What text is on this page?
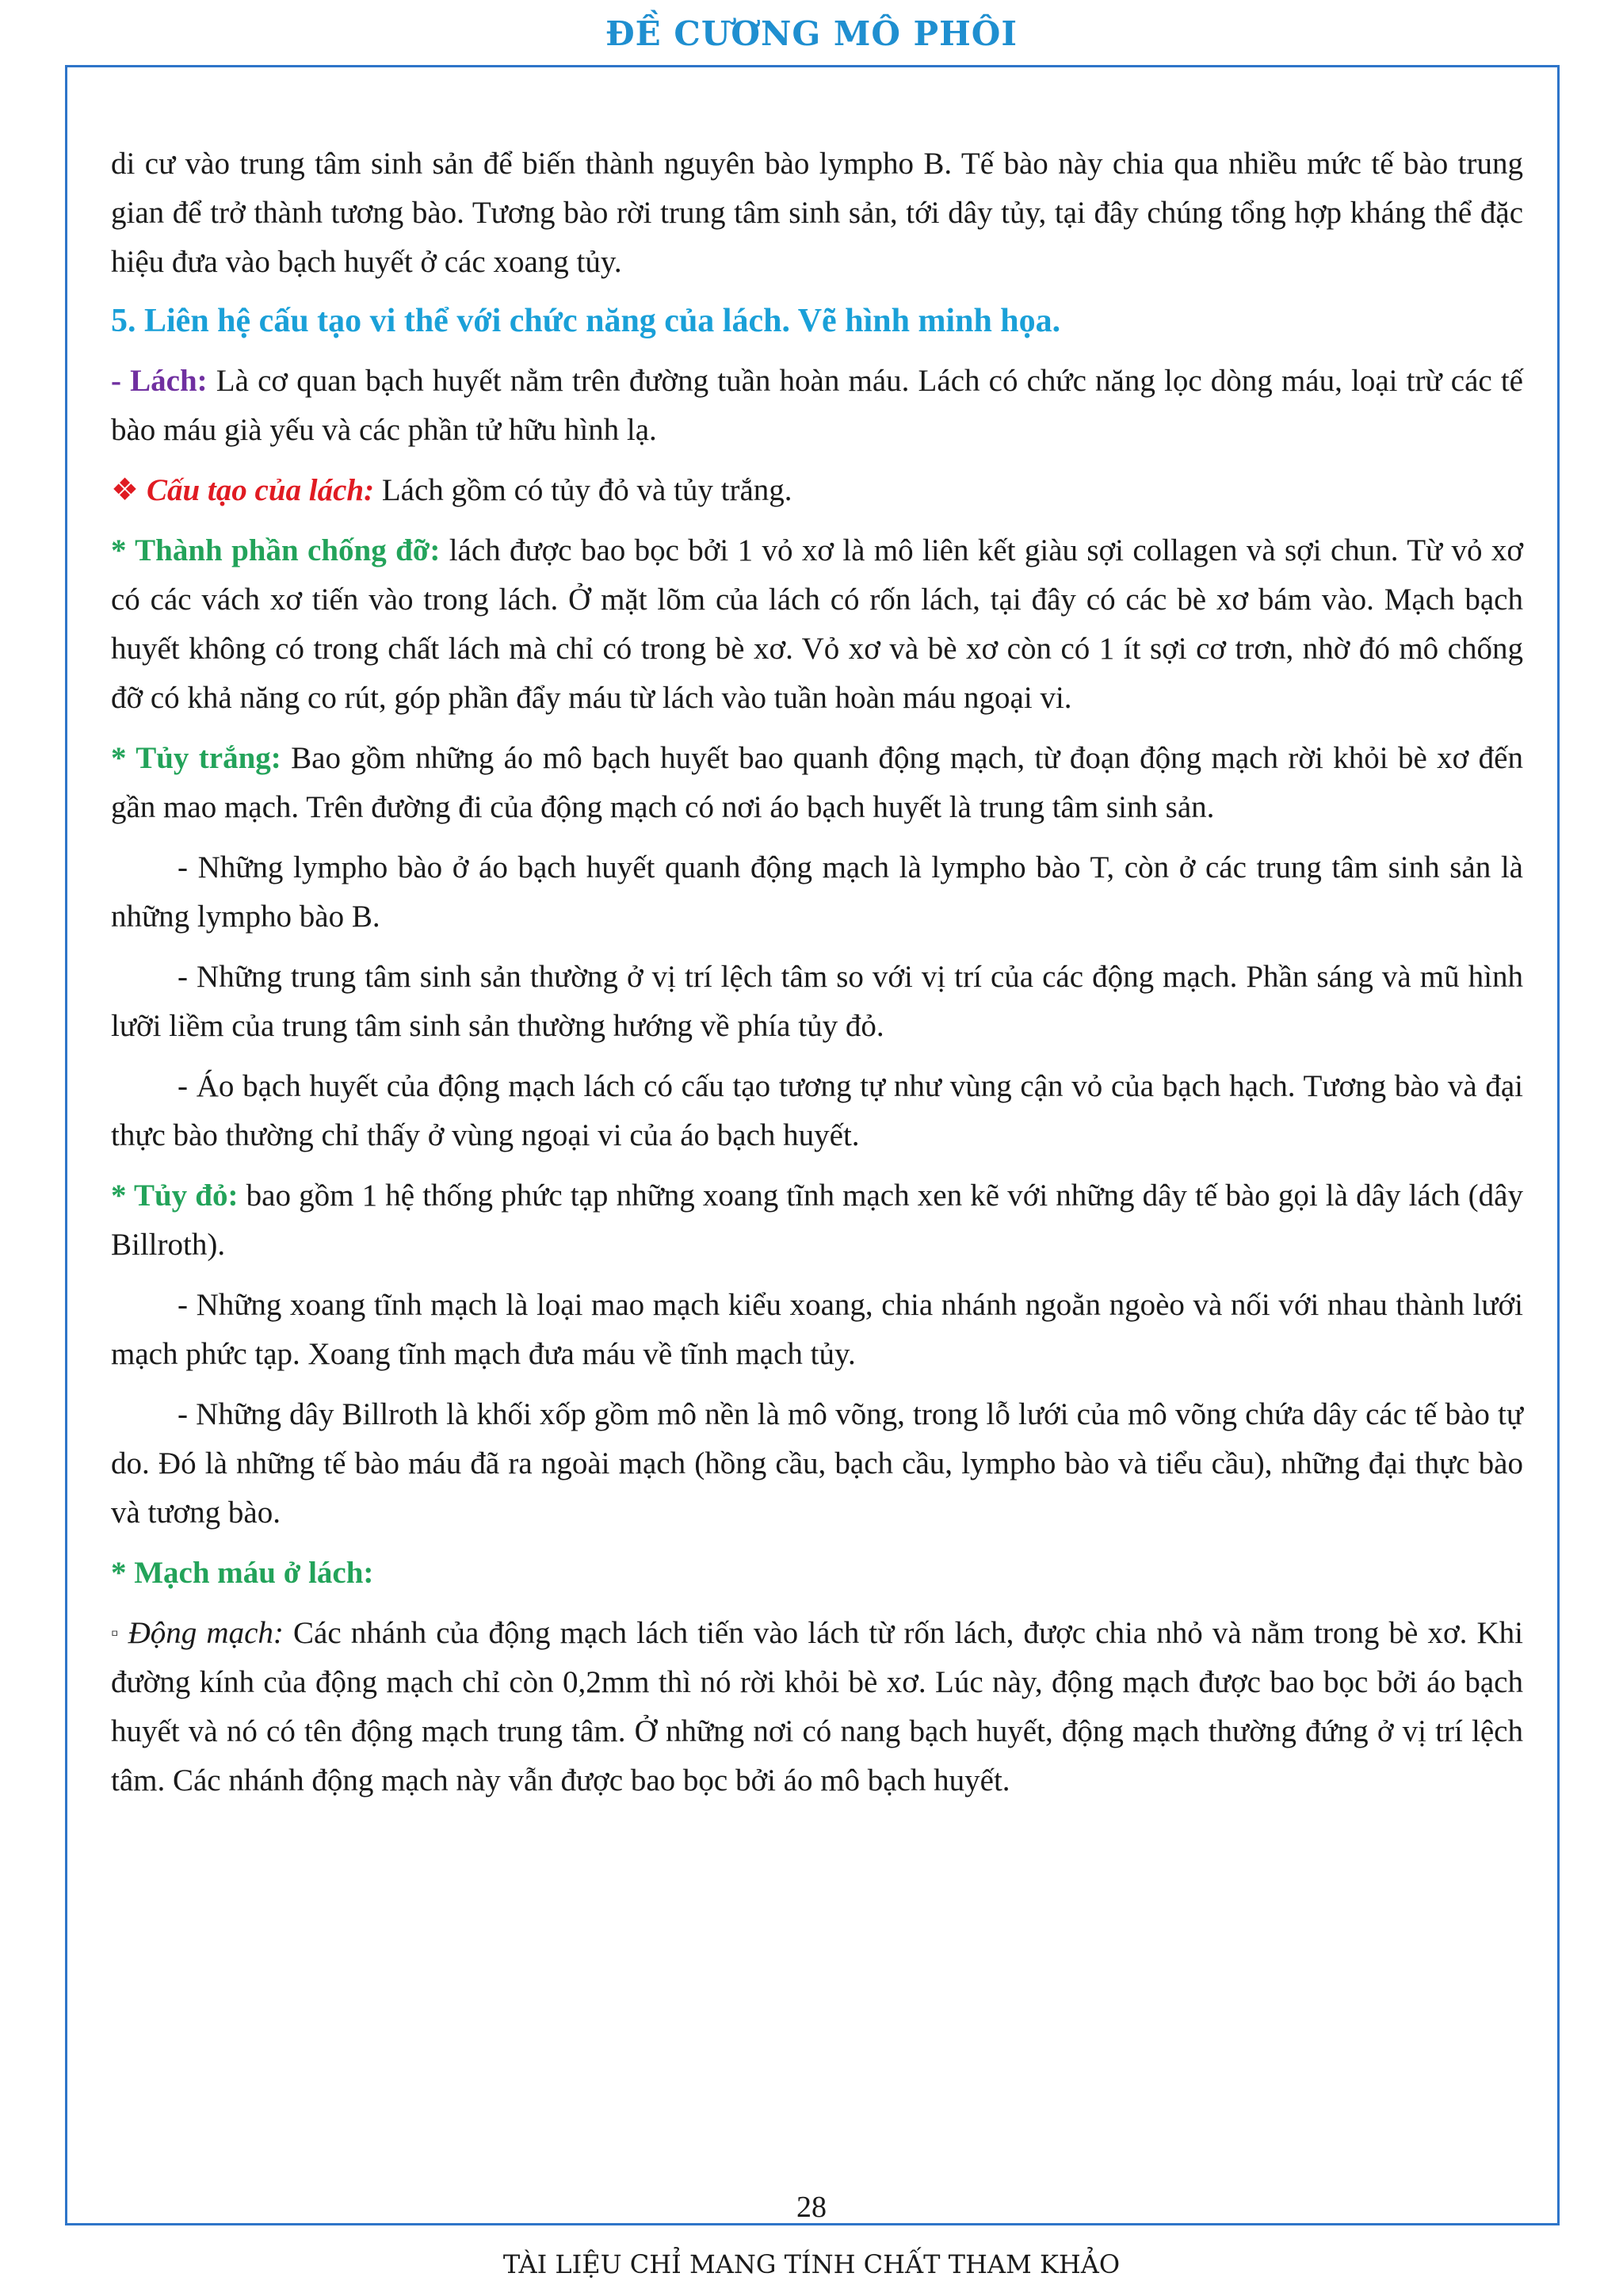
ĐỀ CƯƠNG MÔ PHÔI

di cư vào trung tâm sinh sản để biến thành nguyên bào lympho B. Tế bào này chia qua nhiều mức tế bào trung gian để trở thành tương bào. Tương bào rời trung tâm sinh sản, tới dây tủy, tại đây chúng tổng hợp kháng thể đặc hiệu đưa vào bạch huyết ở các xoang tủy.

5. Liên hệ cấu tạo vi thể với chức năng của lách. Vẽ hình minh họa.

- Lách: Là cơ quan bạch huyết nằm trên đường tuần hoàn máu. Lách có chức năng lọc dòng máu, loại trừ các tế bào máu già yếu và các phần tử hữu hình lạ.

❖ Cấu tạo của lách: Lách gồm có tủy đỏ và tủy trắng.

* Thành phần chống đỡ: lách được bao bọc bởi 1 vỏ xơ là mô liên kết giàu sợi collagen và sợi chun. Từ vỏ xơ có các vách xơ tiến vào trong lách. Ở mặt lõm của lách có rốn lách, tại đây có các bè xơ bám vào. Mạch bạch huyết không có trong chất lách mà chỉ có trong bè xơ. Vỏ xơ và bè xơ còn có 1 ít sợi cơ trơn, nhờ đó mô chống đỡ có khả năng co rút, góp phần đẩy máu từ lách vào tuần hoàn máu ngoại vi.

* Tủy trắng: Bao gồm những áo mô bạch huyết bao quanh động mạch, từ đoạn động mạch rời khỏi bè xơ đến gần mao mạch. Trên đường đi của động mạch có nơi áo bạch huyết là trung tâm sinh sản.

- Những lympho bào ở áo bạch huyết quanh động mạch là lympho bào T, còn ở các trung tâm sinh sản là những lympho bào B.

- Những trung tâm sinh sản thường ở vị trí lệch tâm so với vị trí của các động mạch. Phần sáng và mũ hình lưỡi liềm của trung tâm sinh sản thường hướng về phía tủy đỏ.

- Áo bạch huyết của động mạch lách có cấu tạo tương tự như vùng cận vỏ của bạch hạch. Tương bào và đại thực bào thường chỉ thấy ở vùng ngoại vi của áo bạch huyết.

* Tủy đỏ: bao gồm 1 hệ thống phức tạp những xoang tĩnh mạch xen kẽ với những dây tế bào gọi là dây lách (dây Billroth).

- Những xoang tĩnh mạch là loại mao mạch kiểu xoang, chia nhánh ngoằn ngoèo và nối với nhau thành lưới mạch phức tạp. Xoang tĩnh mạch đưa máu về tĩnh mạch tủy.

- Những dây Billroth là khối xốp gồm mô nền là mô võng, trong lỗ lưới của mô võng chứa dây các tế bào tự do. Đó là những tế bào máu đã ra ngoài mạch (hồng cầu, bạch cầu, lympho bào và tiểu cầu), những đại thực bào và tương bào.

* Mạch máu ở lách:

▫ Động mạch: Các nhánh của động mạch lách tiến vào lách từ rốn lách, được chia nhỏ và nằm trong bè xơ. Khi đường kính của động mạch chỉ còn 0,2mm thì nó rời khỏi bè xơ. Lúc này, động mạch được bao bọc bởi áo bạch huyết và nó có tên động mạch trung tâm. Ở những nơi có nang bạch huyết, động mạch thường đứng ở vị trí lệch tâm. Các nhánh động mạch này vẫn được bao bọc bởi áo mô bạch huyết.

28
TÀI LIỆU CHỈ MANG TÍNH CHẤT THAM KHẢO
